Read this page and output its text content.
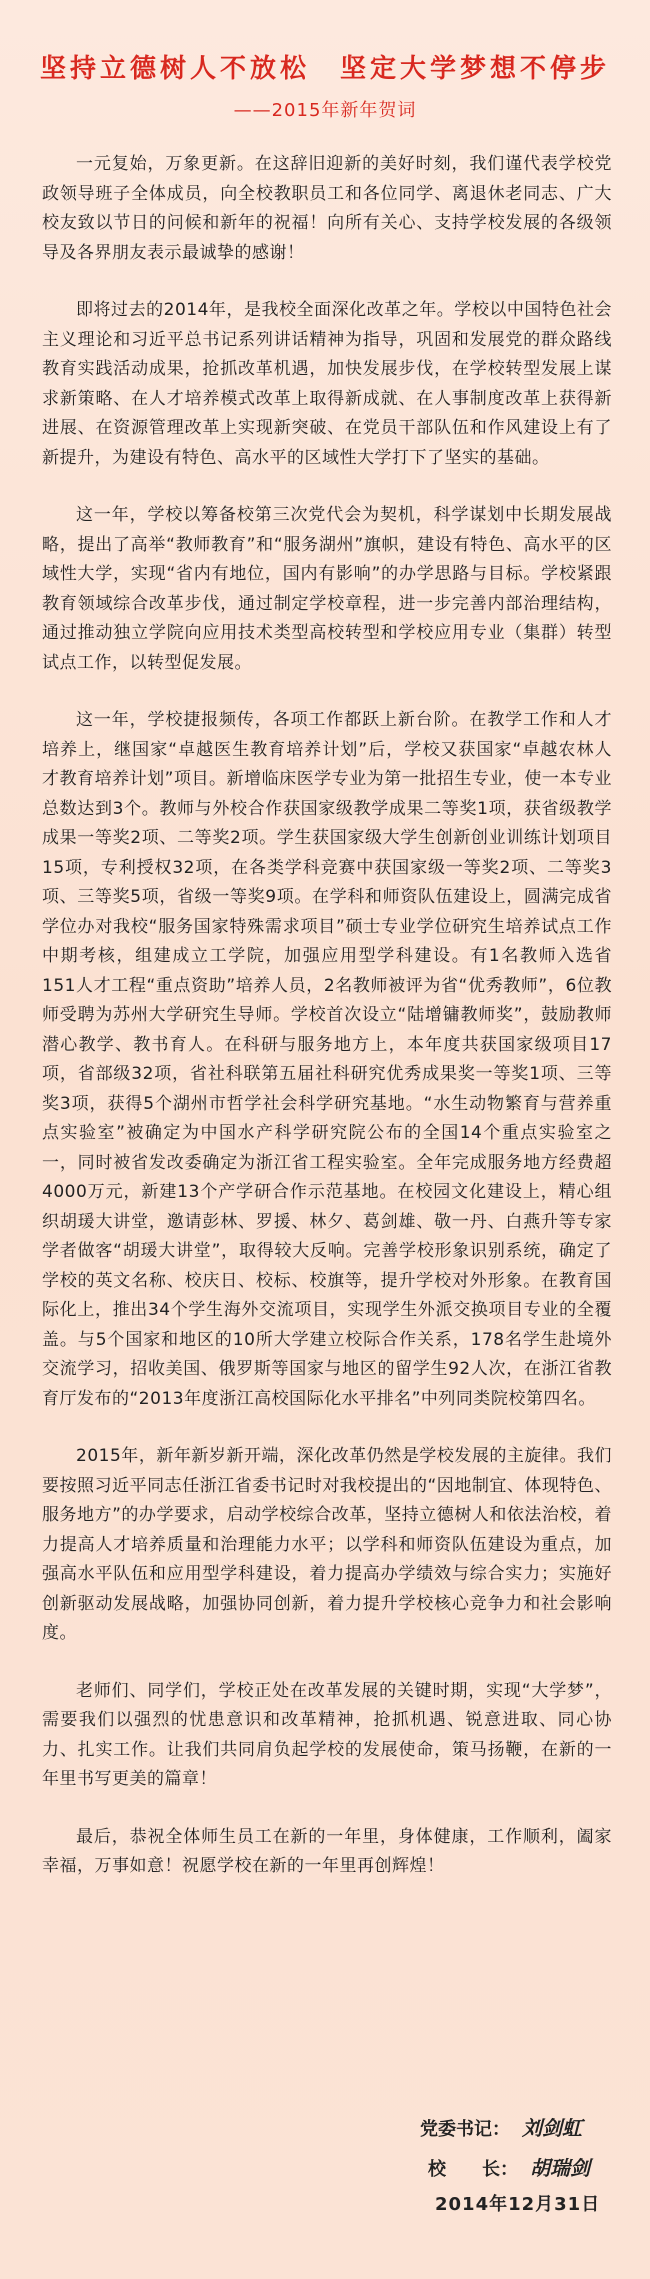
坚持立德树人不放松　坚定大学梦想不停步
——2015年新年贺词

一元复始，万象更新。在这辞旧迎新的美好时刻，我们谨代表学校党政领导班子全体成员，向全校教职员工和各位同学、离退休老同志、广大校友致以节日的问候和新年的祝福！向所有关心、支持学校发展的各级领导及各界朋友表示最诚挚的感谢！

即将过去的2014年，是我校全面深化改革之年。学校以中国特色社会主义理论和习近平总书记系列讲话精神为指导，巩固和发展党的群众路线教育实践活动成果，抢抓改革机遇，加快发展步伐，在学校转型发展上谋求新策略、在人才培养模式改革上取得新成就、在人事制度改革上获得新进展、在资源管理改革上实现新突破、在党员干部队伍和作风建设上有了新提升，为建设有特色、高水平的区域性大学打下了坚实的基础。

这一年，学校以筹备校第三次党代会为契机，科学谋划中长期发展战略，提出了高举“教师教育”和“服务湖州”旗帜，建设有特色、高水平的区域性大学，实现“省内有地位，国内有影响”的办学思路与目标。学校紧跟教育领域综合改革步伐，通过制定学校章程，进一步完善内部治理结构，通过推动独立学院向应用技术类型高校转型和学校应用专业（集群）转型试点工作，以转型促发展。

这一年，学校捷报频传，各项工作都跃上新台阶。在教学工作和人才培养上，继国家“卓越医生教育培养计划”后，学校又获国家“卓越农林人才教育培养计划”项目。新增临床医学专业为第一批招生专业，使一本专业总数达到3个。教师与外校合作获国家级教学成果二等奖1项，获省级教学成果一等奖2项、二等奖2项。学生获国家级大学生创新创业训练计划项目15项，专利授权32项，在各类学科竞赛中获国家级一等奖2项、二等奖3项、三等奖5项，省级一等奖9项。在学科和师资队伍建设上，圆满完成省学位办对我校“服务国家特殊需求项目”硕士专业学位研究生培养试点工作中期考核，组建成立工学院，加强应用型学科建设。有1名教师入选省151人才工程“重点资助”培养人员，2名教师被评为省“优秀教师”，6位教师受聘为苏州大学研究生导师。学校首次设立“陆增镛教师奖”，鼓励教师潜心教学、教书育人。在科研与服务地方上，本年度共获国家级项目17项，省部级32项，省社科联第五届社科研究优秀成果奖一等奖1项、三等奖3项，获得5个湖州市哲学社会科学研究基地。“水生动物繁育与营养重点实验室”被确定为中国水产科学研究院公布的全国14个重点实验室之一，同时被省发改委确定为浙江省工程实验室。全年完成服务地方经费超4000万元，新建13个产学研合作示范基地。在校园文化建设上，精心组织胡瑗大讲堂，邀请彭林、罗援、林夕、葛剑雄、敬一丹、白燕升等专家学者做客“胡瑗大讲堂”，取得较大反响。完善学校形象识别系统，确定了学校的英文名称、校庆日、校标、校旗等，提升学校对外形象。在教育国际化上，推出34个学生海外交流项目，实现学生外派交换项目专业的全覆盖。与5个国家和地区的10所大学建立校际合作关系，178名学生赴境外交流学习，招收美国、俄罗斯等国家与地区的留学生92人次，在浙江省教育厅发布的“2013年度浙江高校国际化水平排名”中列同类院校第四名。

2015年，新年新岁新开端，深化改革仍然是学校发展的主旋律。我们要按照习近平同志任浙江省委书记时对我校提出的“因地制宜、体现特色、服务地方”的办学要求，启动学校综合改革，坚持立德树人和依法治校，着力提高人才培养质量和治理能力水平；以学科和师资队伍建设为重点，加强高水平队伍和应用型学科建设，着力提高办学绩效与综合实力；实施好创新驱动发展战略，加强协同创新，着力提升学校核心竞争力和社会影响度。

老师们、同学们，学校正处在改革发展的关键时期，实现“大学梦”，需要我们以强烈的忧患意识和改革精神，抢抓机遇、锐意进取、同心协力、扎实工作。让我们共同肩负起学校的发展使命，策马扬鞭，在新的一年里书写更美的篇章！

最后，恭祝全体师生员工在新的一年里，身体健康，工作顺利，阖家幸福，万事如意！祝愿学校在新的一年里再创辉煌！

党委书记： 刘剑虹
校　　长： 胡瑞剑
2014年12月31日
